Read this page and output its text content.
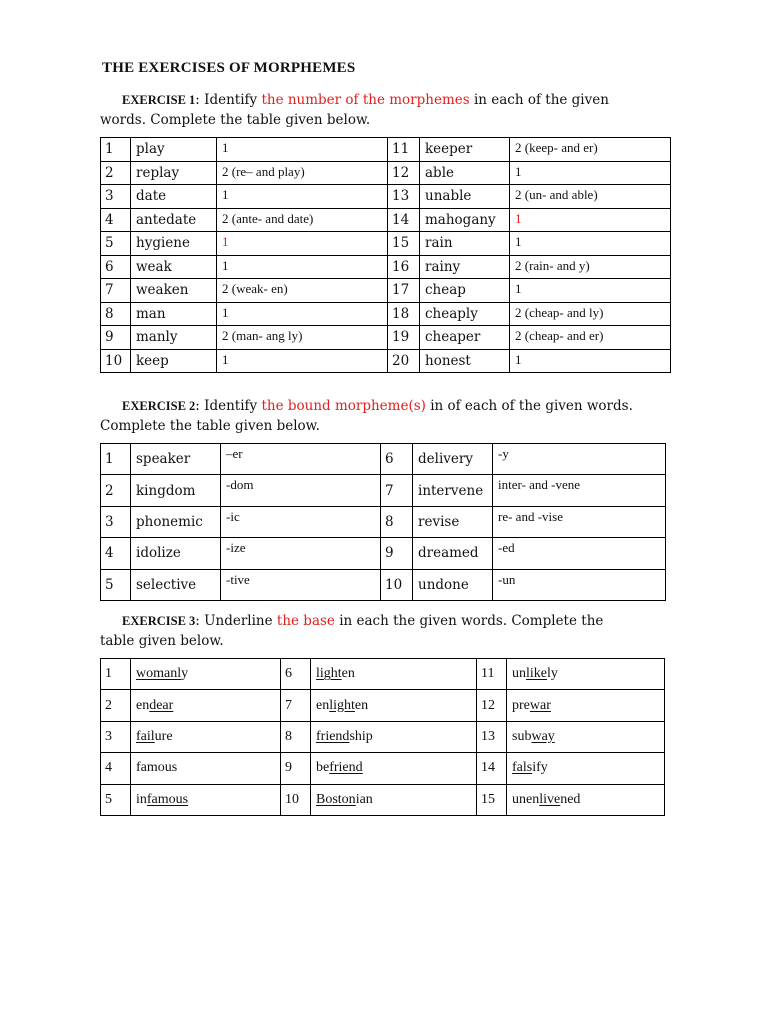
THE EXERCISES OF MORPHEMES
EXERCISE 1: Identify the number of the morphemes in each of the given
words. Complete the table given below.
1	play	1	11	keeper	2 (keep- and er)
2	replay	2 (re– and play)	12	able	1
3	date	1	13	unable	2 (un- and able)
4	antedate	2 (ante- and date)	14	mahogany	1
5	hygiene	1	15	rain	1
6	weak	1	16	rainy	2 (rain- and y)
7	weaken	2 (weak- en)	17	cheap	1
8	man	1	18	cheaply	2 (cheap- and ly)
9	manly	2 (man- ang ly)	19	cheaper	2 (cheap- and er)
10	keep	1	20	honest	1
EXERCISE 2: Identify the bound morpheme(s) in of each of the given words.
Complete the table given below.
1	speaker	–er	6	delivery	-y
2	kingdom	-dom	7	intervene	inter- and -vene
3	phonemic	-ic	8	revise	re- and -vise
4	idolize	-ize	9	dreamed	-ed
5	selective	-tive	10	undone	-un
EXERCISE 3: Underline the base in each the given words. Complete the
table given below.
1	womanly	6	lighten	11	unlikely
2	endear	7	enlighten	12	prewar
3	failure	8	friendship	13	subway
4	famous	9	befriend	14	falsify
5	infamous	10	Bostonian	15	unenlivened
